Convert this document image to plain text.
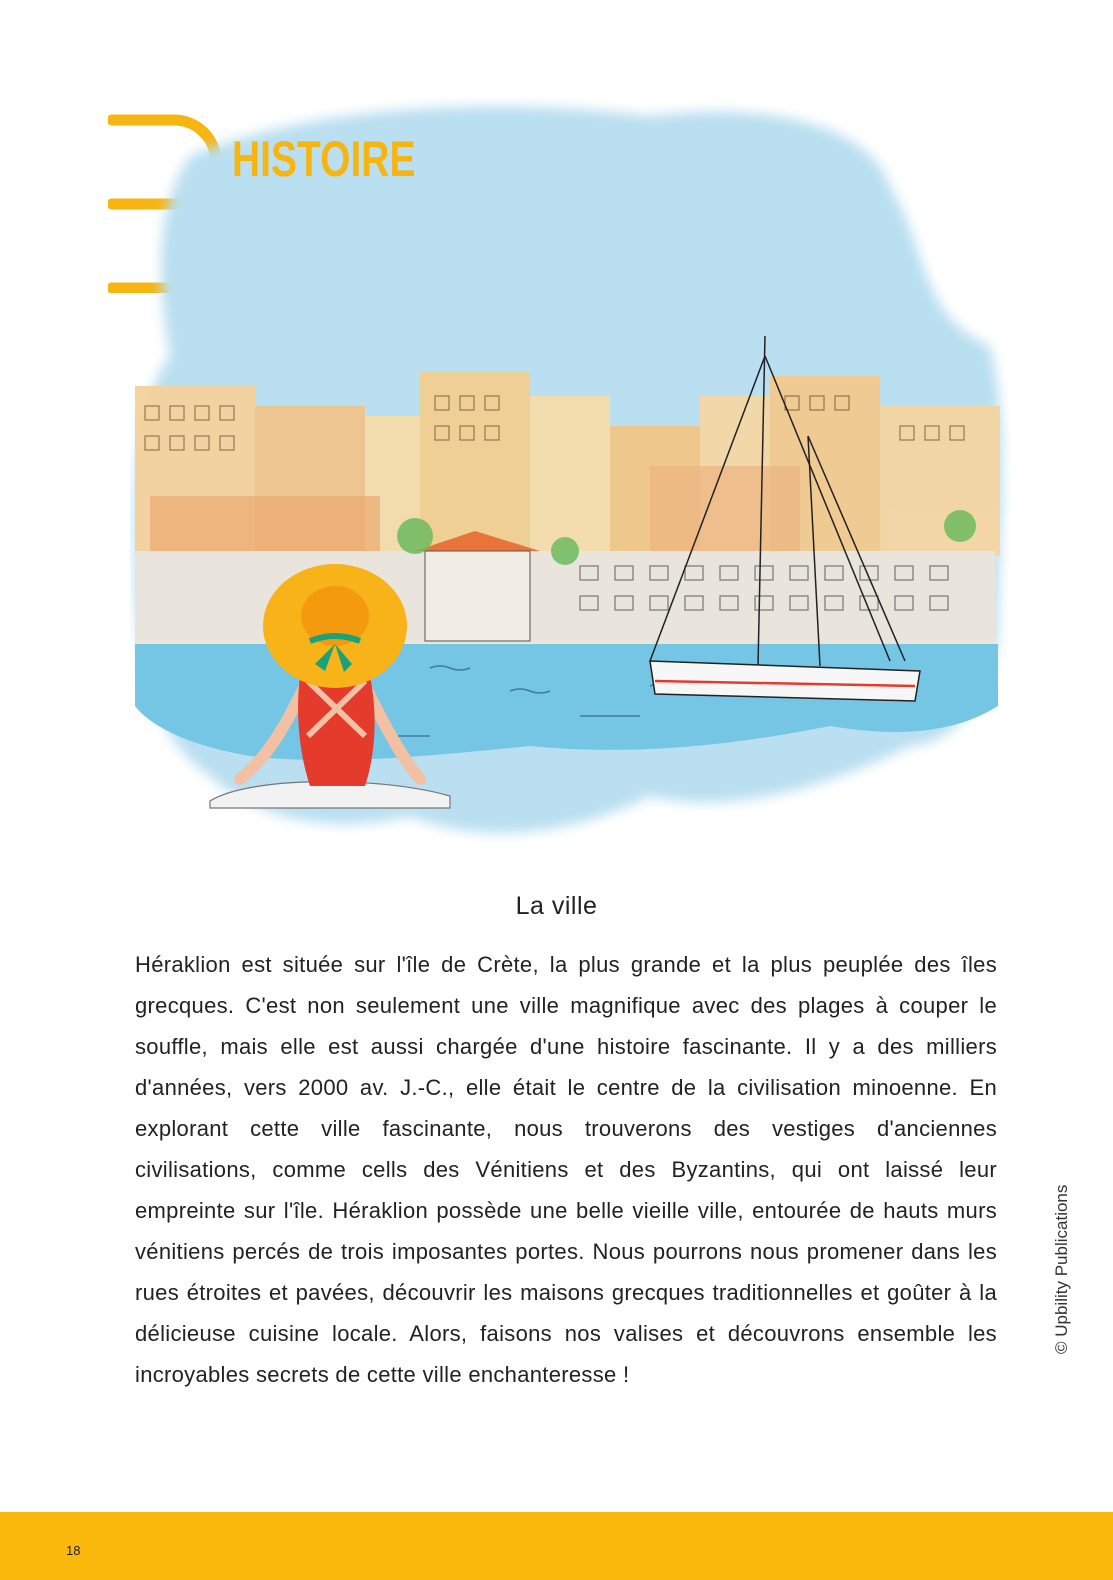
HISTOIRE
La ville

Héraklion est située sur l'île de Crète, la plus grande et la plus peuplée des îles grecques. C'est non seulement une ville magnifique avec des plages à couper le souffle, mais elle est aussi chargée d'une histoire fascinante. Il y a des milliers d'années, vers 2000 av. J.-C., elle était le centre de la civilisation minoenne. En explorant cette ville fascinante, nous trouverons des vestiges d'anciennes civilisations, comme cells des Vénitiens et des Byzantins, qui ont laissé leur empreinte sur l'île. Héraklion possède une belle vieille ville, entourée de hauts murs vénitiens percés de trois imposantes portes. Nous pourrons nous promener dans les rues étroites et pavées, découvrir les maisons grecques traditionnelles et goûter à la délicieuse cuisine locale. Alors, faisons nos valises et découvrons ensemble les incroyables secrets de cette ville enchanteresse !

© Upbility Publications
18
